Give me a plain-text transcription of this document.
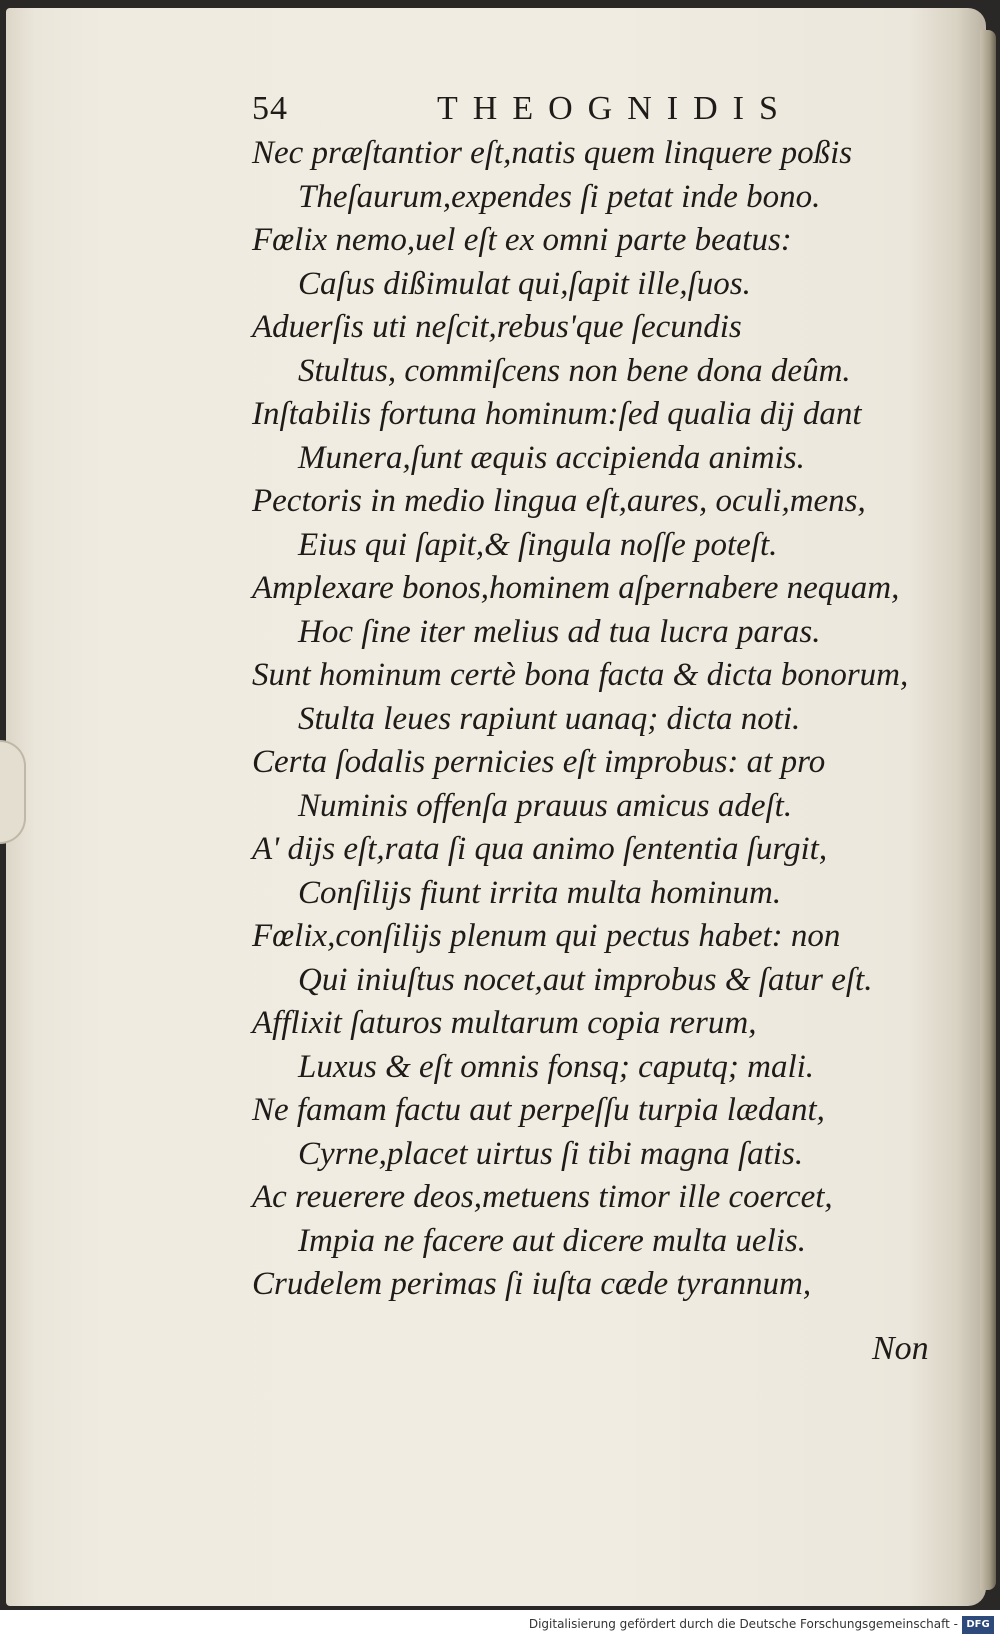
54	THEOGNIDIS
Nec præſtantior eſt,natis quem linquere poßis
Theſaurum,expendes ſi petat inde bono.
Fœlix nemo,uel eſt ex omni parte beatus:
Caſus dißimulat qui,ſapit ille,ſuos.
Aduerſis uti neſcit,rebus'que ſecundis
Stultus, commiſcens non bene dona deûm.
Inſtabilis fortuna hominum:ſed qualia dij dant
Munera,ſunt æquis accipienda animis.
Pectoris in medio lingua eſt,aures, oculi,mens,
Eius qui ſapit,& ſingula noſſe poteſt.
Amplexare bonos,hominem aſpernabere nequam,
Hoc ſine iter melius ad tua lucra paras.
Sunt hominum certè bona facta & dicta bonorum,
Stulta leues rapiunt uanaq; dicta noti.
Certa ſodalis pernicies eſt improbus: at pro
Numinis offenſa prauus amicus adeſt.
A' dijs eſt,rata ſi qua animo ſententia ſurgit,
Conſilijs fiunt irrita multa hominum.
Fœlix,conſilijs plenum qui pectus habet: non
Qui iniuſtus nocet,aut improbus & ſatur eſt.
Afflixit ſaturos multarum copia rerum,
Luxus & eſt omnis fonsq; caputq; mali.
Ne famam factu aut perpeſſu turpia lædant,
Cyrne,placet uirtus ſi tibi magna ſatis.
Ac reuerere deos,metuens timor ille coercet,
Impia ne facere aut dicere multa uelis.
Crudelem perimas ſi iuſta cæde tyrannum,
Non
Digitalisierung gefördert durch die Deutsche Forschungsgemeinschaft - DFG
